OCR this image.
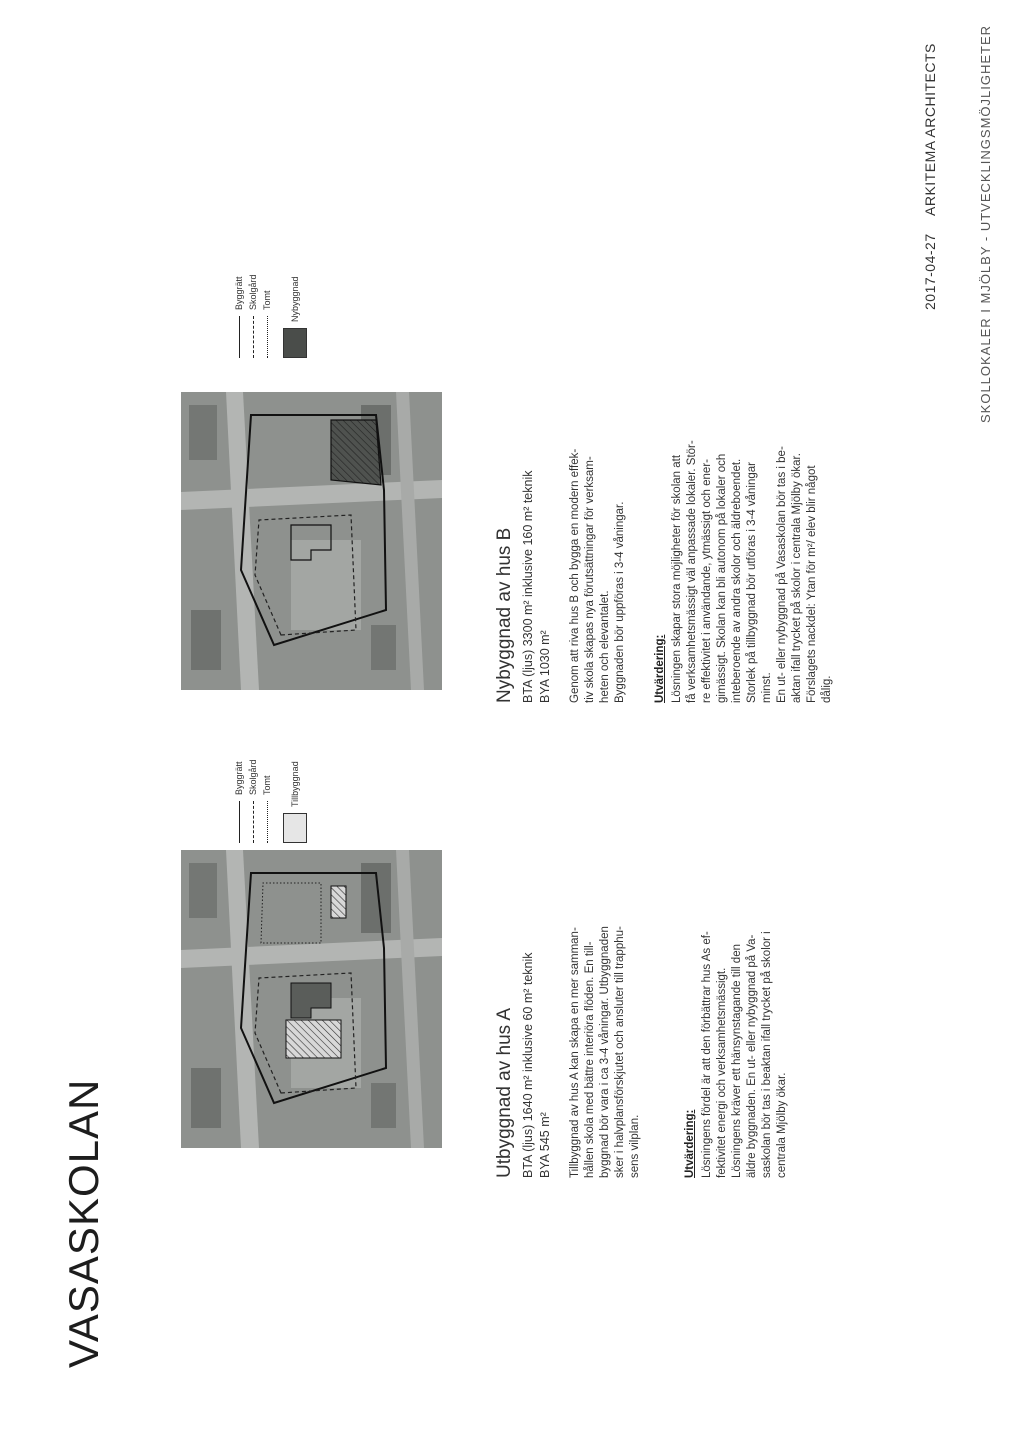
VASASKOLAN
SKOLLOKALER I MJÖLBY - UTVECKLINGSMÖJLIGHETER
2017-04-27
ARKITEMA ARCHITECTS
Byggrätt Skolgård Tomt Tillbyggnad
Utbyggnad av hus A BTA (ljus) 1640 m² inklusive 60 m² teknik BYA 545 m² Tillbyggnad av hus A kan skapa en mer samman-
hållen skola med bättre interiöra flöden. En till-
byggnad bör vara i ca 3-4 våningar. Utbyggnaden
sker i halvplansförskjutet och ansluter till trapphu-
sens vilplan.	Utvärdering: Lösningens fördel är att den förbättrar hus As ef-
fektivitet energi och verksamhetsmässigt.
Lösningens kräver ett hänsynstagande till den
äldre byggnaden. En ut- eller nybyggnad på Va-
saskolan bör tas i beaktan ifall trycket på skolor i
centrala Mjölby ökar.
Byggrätt Skolgård Tomt Nybyggnad
Nybyggnad av hus B BTA (ljus) 3300 m² inklusive 160 m² teknik BYA 1030 m² Genom att riva hus B och bygga en modern effek-
tiv skola skapas nya förutsättningar för verksam-
heten och elevantalet.
Byggnaden bör uppföras i 3-4 våningar.
Utvärdering: Lösningen skapar stora möjligheter för skolan att
få verksamhetsmässigt väl anpassade lokaler. Stör-
re effektivitet i användande, ytmässigt och ener-
gimässigt. Skolan kan bli autonom på lokaler och
inteberoende av andra skolor och äldreboendet.
Storlek på tillbyggnad bör utföras i 3-4 våningar
minst.
En ut- eller nybyggnad på Vasaskolan bör tas i be-
aktan ifall trycket på skolor i centrala Mjölby ökar.
Förslagets nackdel: Ytan för m²/ elev blir något
dålig.
